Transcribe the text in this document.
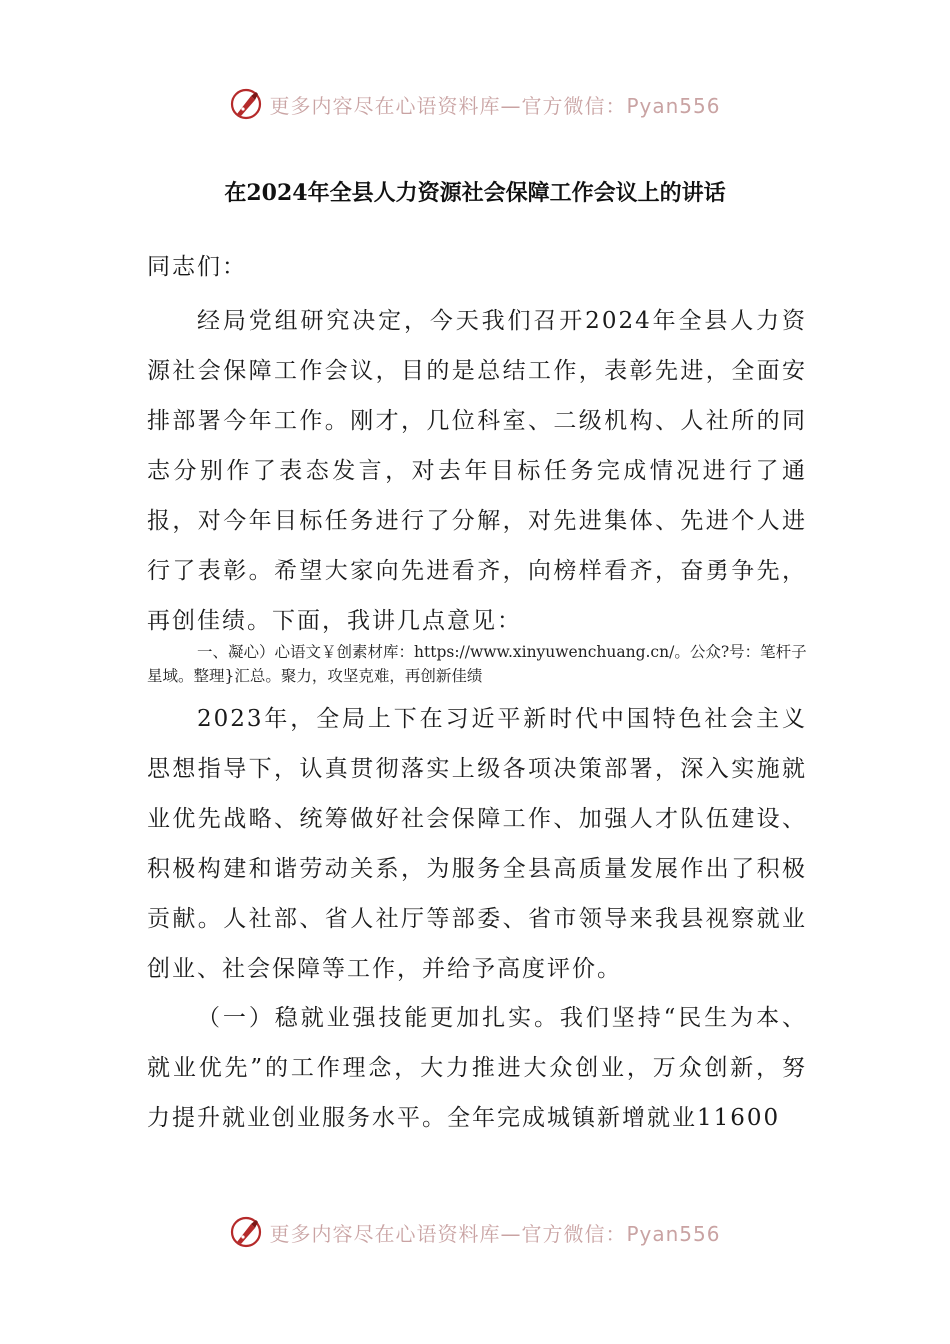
更多内容尽在心语资料库—官方微信：Pyan556
在2024年全县人力资源社会保障工作会议上的讲话

同志们：

经局党组研究决定，今天我们召开2024年全县人力资源社会保障工作会议，目的是总结工作，表彰先进，全面安排部署今年工作。刚才，几位科室、二级机构、人社所的同志分别作了表态发言，对去年目标任务完成情况进行了通报，对今年目标任务进行了分解，对先进集体、先进个人进行了表彰。希望大家向先进看齐，向榜样看齐，奋勇争先，再创佳绩。下面，我讲几点意见：

一、凝心）心语文￥创素材库：https://www.xinyuwenchuang.cn/。公众?号：笔杆子星域。整理}汇总。聚力，攻坚克难，再创新佳绩

2023年，全局上下在习近平新时代中国特色社会主义思想指导下，认真贯彻落实上级各项决策部署，深入实施就业优先战略、统筹做好社会保障工作、加强人才队伍建设、积极构建和谐劳动关系，为服务全县高质量发展作出了积极贡献。人社部、省人社厅等部委、省市领导来我县视察就业创业、社会保障等工作，并给予高度评价。

（一）稳就业强技能更加扎实。我们坚持“民生为本、就业优先”的工作理念，大力推进大众创业，万众创新，努力提升就业创业服务水平。全年完成城镇新增就业11600

更多内容尽在心语资料库—官方微信：Pyan556
